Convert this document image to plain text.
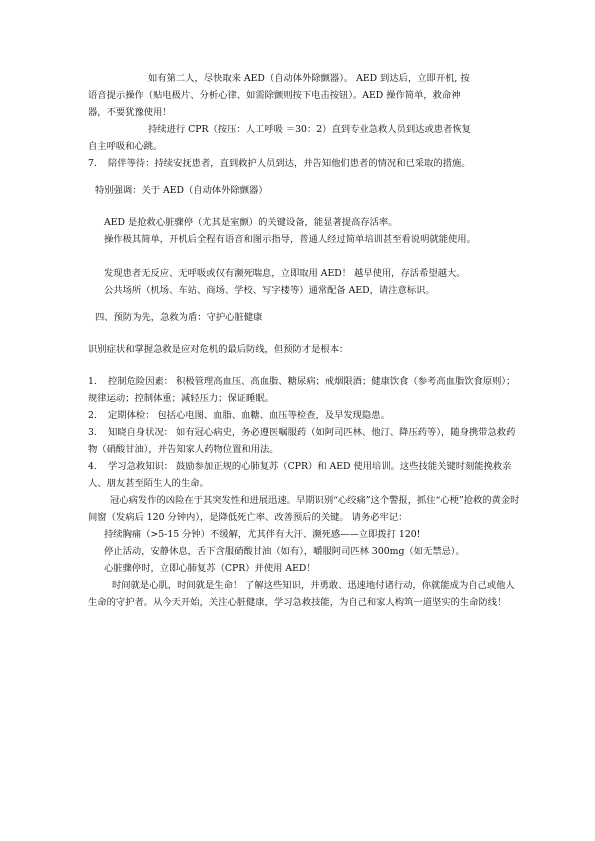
如有第二人，尽快取来 AED（自动体外除颤器）。 AED 到达后，立即开机, 按
语音提示操作（贴电极片、分析心律、如需除颤则按下电击按钮）。AED 操作简单，救命神
器，不要犹豫使用！
持续进行 CPR（按压：人工呼吸 ＝30：2）直到专业急救人员到达或患者恢复
自主呼吸和心跳。
7. 陪伴等待：持续安抚患者，直到救护人员到达，并告知他们患者的情况和已采取的措施。
特别强调：关于 AED（自动体外除颤器）
AED 是抢救心脏骤停（尤其是室颤）的关键设备，能显著提高存活率。
操作极其简单，开机后全程有语音和图示指导，普通人经过简单培训甚至看说明就能使用。
发现患者无反应、无呼吸或仅有濒死喘息，立即取用 AED！ 越早使用，存活希望越大。
公共场所（机场、车站、商场、学校、写字楼等）通常配备 AED，请注意标识。
四、预防为先，急救为盾：守护心脏健康
识别症状和掌握急救是应对危机的最后防线，但预防才是根本：
1. 控制危险因素： 积极管理高血压、高血脂、糖尿病；戒烟限酒；健康饮食（参考高血脂饮食原则）；规律运动；控制体重；减轻压力；保证睡眠。
2. 定期体检： 包括心电图、血脂、血糖、血压等检查，及早发现隐患。
3. 知晓自身状况： 如有冠心病史，务必遵医嘱服药（如阿司匹林、他汀、降压药等），随身携带急救药物（硝酸甘油），并告知家人药物位置和用法。
4. 学习急救知识： 鼓励参加正规的心肺复苏（CPR）和 AED 使用培训。这些技能关键时刻能挽救亲人、朋友甚至陌生人的生命。
冠心病发作的凶险在于其突发性和进展迅速。早期识别“心绞痛”这个警报，抓住“心梗”抢救的黄金时间窗（发病后 120 分钟内），是降低死亡率、改善预后的关键。 请务必牢记：
持续胸痛（>5-15 分钟）不缓解，尤其伴有大汗、濒死感——立即拨打 120!
停止活动，安静休息，舌下含服硝酸甘油（如有），嚼服阿司匹林 300mg（如无禁忌）。
心脏骤停时，立即心肺复苏（CPR）并使用 AED！
时间就是心肌，时间就是生命！ 了解这些知识，并勇敢、迅速地付诸行动，你就能成为自己或他人生命的守护者。从今天开始，关注心脏健康，学习急救技能，为自己和家人构筑一道坚实的生命防线！
